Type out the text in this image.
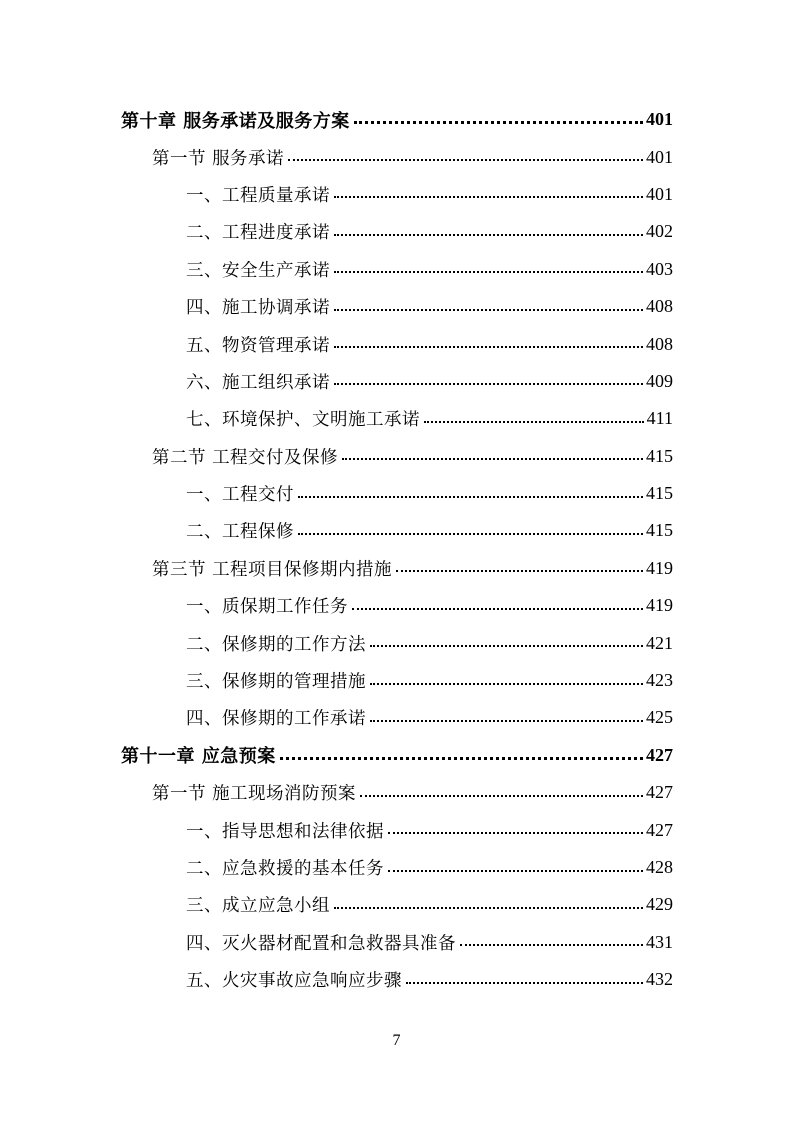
第十章 服务承诺及服务方案	401
第一节 服务承诺	401
一、工程质量承诺	401
二、工程进度承诺	402
三、安全生产承诺	403
四、施工协调承诺	408
五、物资管理承诺	408
六、施工组织承诺	409
七、环境保护、文明施工承诺	411
第二节 工程交付及保修	415
一、工程交付	415
二、工程保修	415
第三节 工程项目保修期内措施	419
一、质保期工作任务	419
二、保修期的工作方法	421
三、保修期的管理措施	423
四、保修期的工作承诺	425
第十一章 应急预案	427
第一节 施工现场消防预案	427
一、指导思想和法律依据	427
二、应急救援的基本任务	428
三、成立应急小组	429
四、灭火器材配置和急救器具准备	431
五、火灾事故应急响应步骤	432
7
